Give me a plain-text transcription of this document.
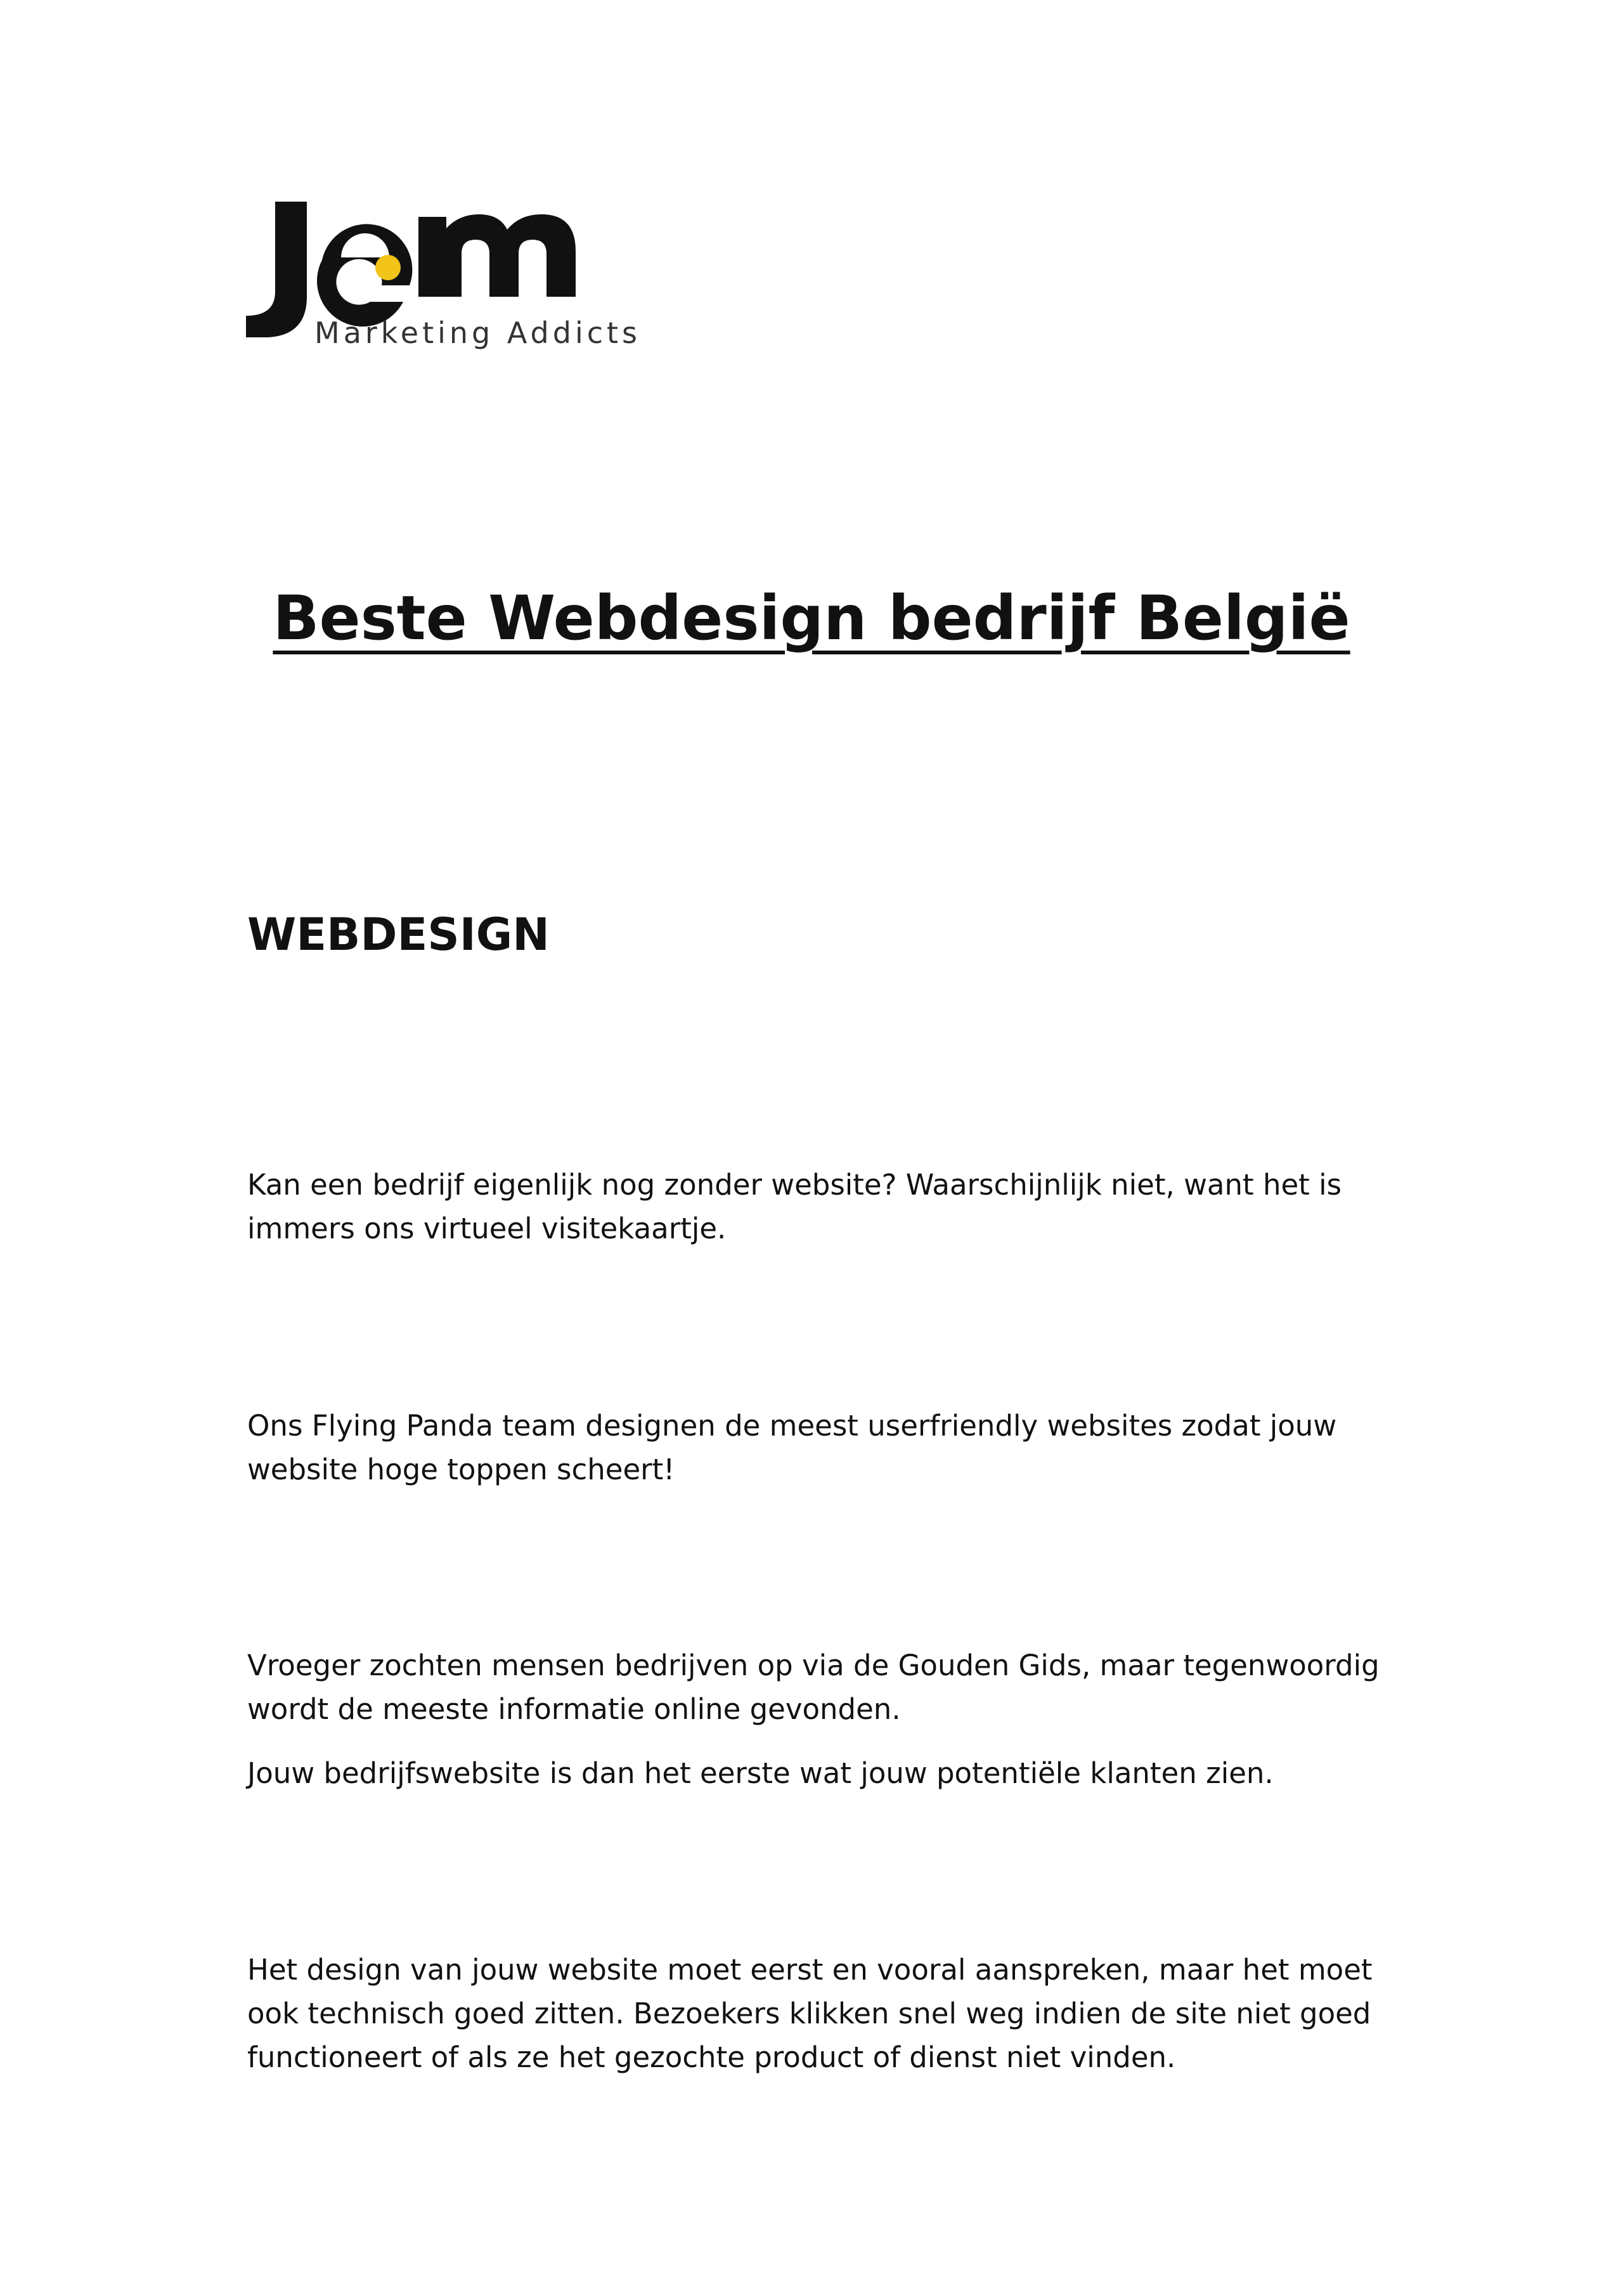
Marketing Addicts
Beste Webdesign bedrijf België
WEBDESIGN

Kan een bedrijf eigenlijk nog zonder website? Waarschijnlijk niet, want het is immers ons virtueel visitekaartje.

Ons Flying Panda team designen de meest userfriendly websites zodat jouw website hoge toppen scheert!

Vroeger zochten mensen bedrijven op via de Gouden Gids, maar tegenwoordig wordt de meeste informatie online gevonden.

Jouw bedrijfswebsite is dan het eerste wat jouw potentiële klanten zien.

Het design van jouw website moet eerst en vooral aanspreken, maar het moet ook technisch goed zitten. Bezoekers klikken snel weg indien de site niet goed functioneert of als ze het gezochte product of dienst niet vinden.
